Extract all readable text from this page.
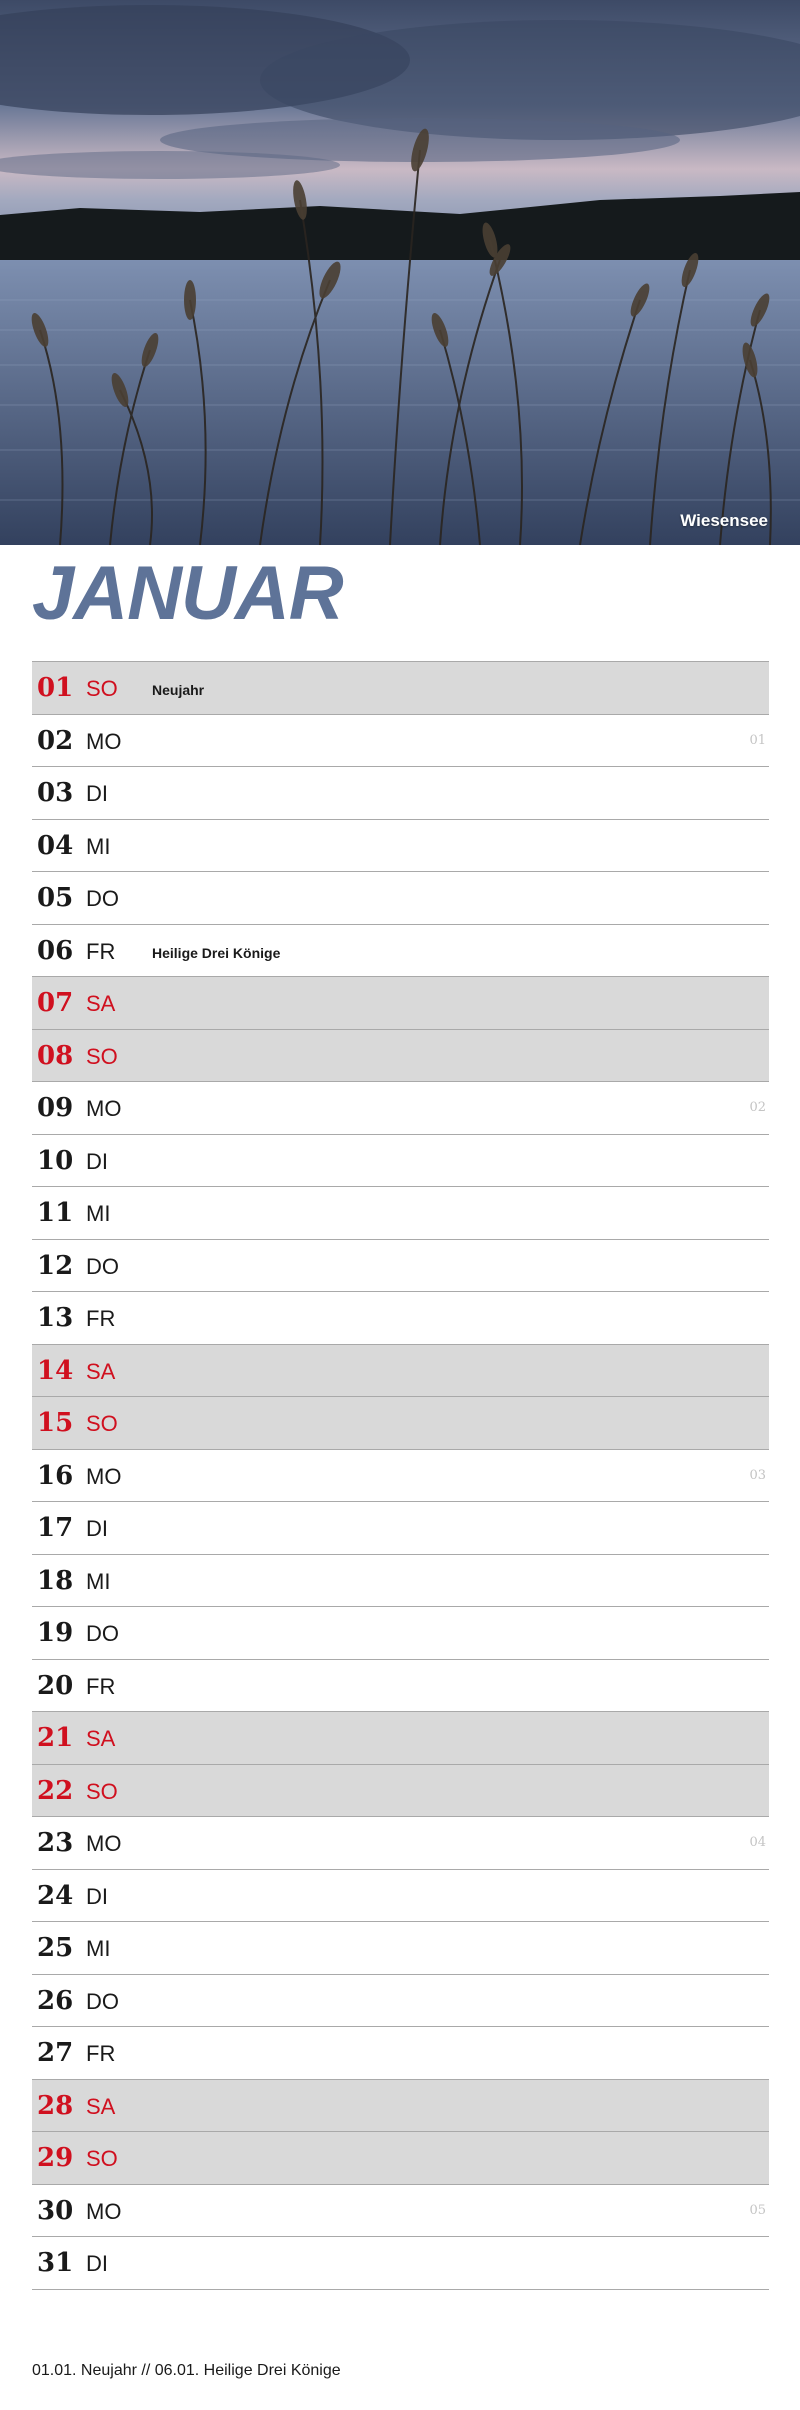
Wiesensee
JANUAR
01 SO Neujahr
02 MO	01
03 DI
04 MI
05 DO
06 FR	Heilige Drei Könige
07 SA
08 SO
09 MO	02
10 DI
11 MI
12 DO
13 FR
14 SA
15 SO
16 MO	03
17 DI
18 MI
19 DO
20 FR
21 SA
22 SO
23 MO	04
24 DI
25 MI
26 DO
27 FR
28 SA
29 SO
30 MO	05
31 DI
01.01. Neujahr // 06.01. Heilige Drei Könige
